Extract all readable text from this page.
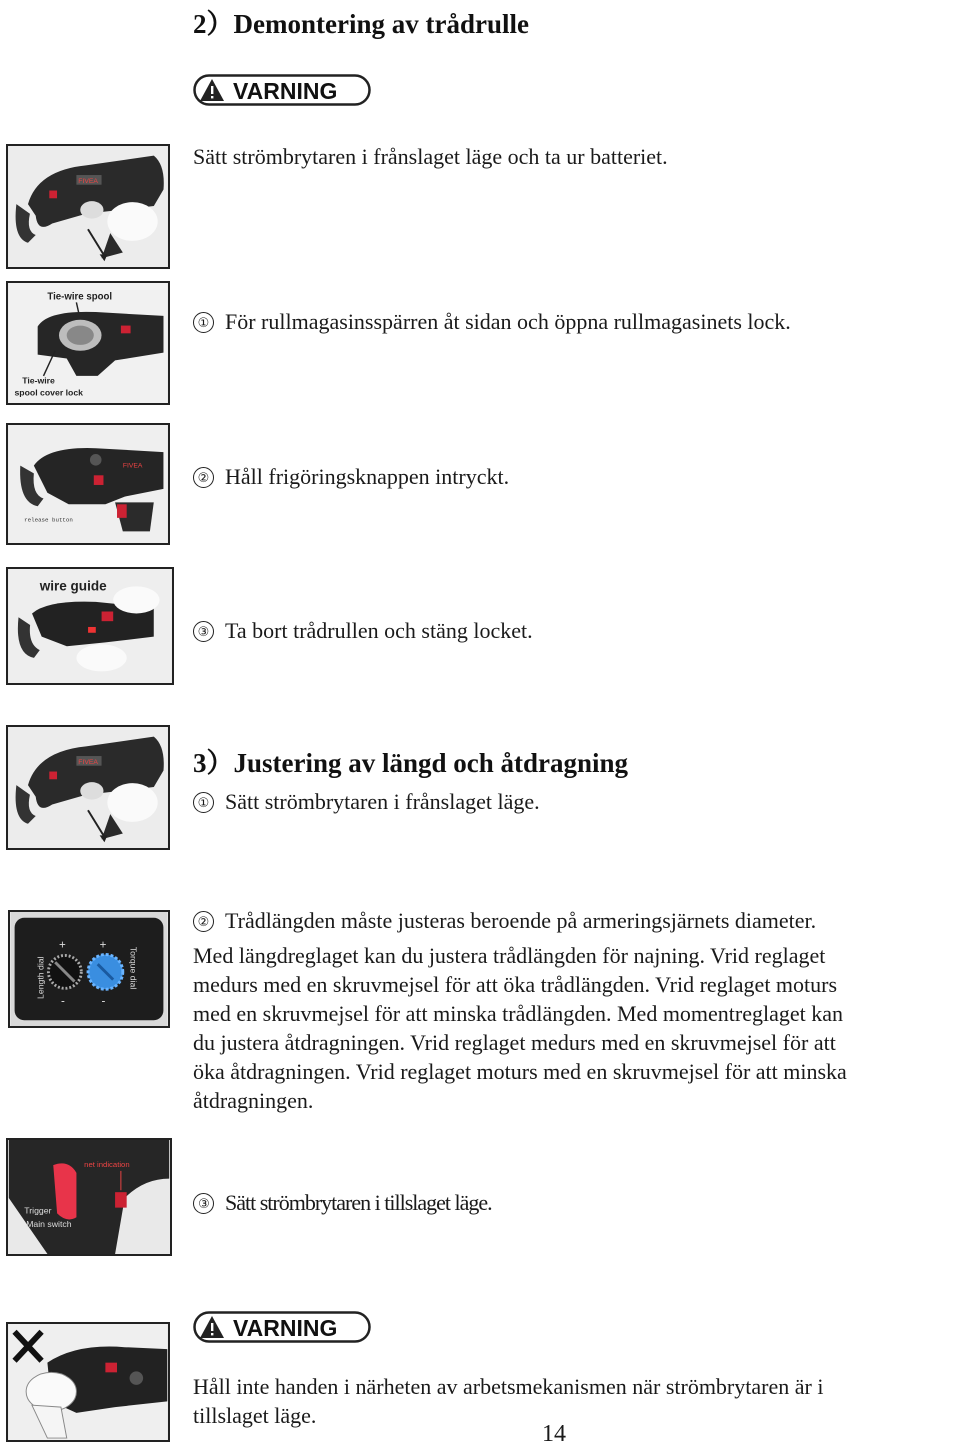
2）Demontering av trådrulle
VARNING
FIVEA
Sätt strömbrytaren i frånslaget läge och ta ur batteriet.
Tie-wire spool
Tie-wire
spool cover lock
① För rullmagasinsspärren åt sidan och öppna rullmagasinets lock.
FIVEA
release button
② Håll frigöringsknappen intryckt.
wire guide
③ Ta bort trådrullen och stäng locket.
FIVEA	3）Justering av längd och åtdragning
① Sätt strömbrytaren i frånslaget läge.
Length dial
+
-
+
-
Torque dial
② Trådlängden måste justeras beroende på armeringsjärnets diameter.
Med längdreglaget kan du justera trådlängden för najning. Vrid reglaget
medurs med en skruvmejsel för att öka trådlängden. Vrid reglaget moturs
med en skruvmejsel för att minska trådlängden. Med momentreglaget kan
du justera åtdragningen. Vrid reglaget medurs med en skruvmejsel för att
öka åtdragningen. Vrid reglaget moturs med en skruvmejsel för att minska
åtdragningen.
net indication
Trigger
Main switch
③ Sätt strömbrytaren i tillslaget läge.
VARNING
Håll inte handen i närheten av arbetsmekanismen när strömbrytaren är i
tillslaget läge.
14
